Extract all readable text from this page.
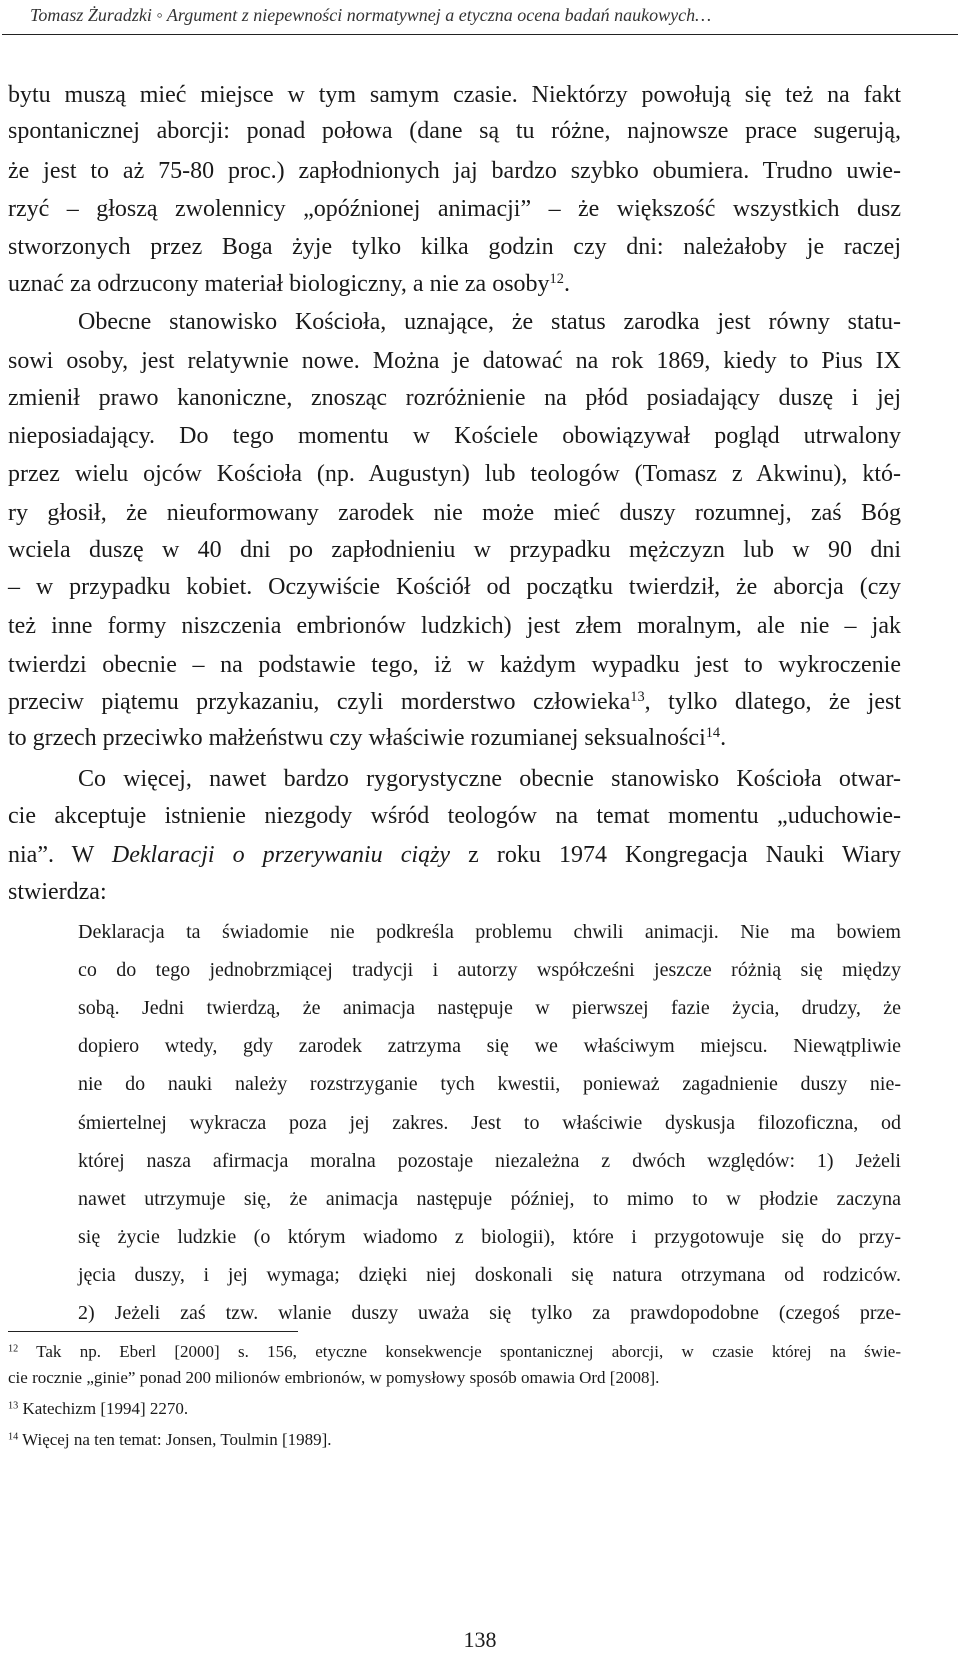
Tomasz Żuradzki ◦ Argument z niepewności normatywnej a etyczna ocena badań naukowych…
bytu muszą mieć miejsce w tym samym czasie. Niektórzy powołują się też na fakt
spontanicznej aborcji: ponad połowa (dane są tu różne, najnowsze prace sugerują,
że jest to aż 75-80 proc.) zapłodnionych jaj bardzo szybko obumiera. Trudno uwie-
rzyć – głoszą zwolennicy „opóźnionej animacji” – że większość wszystkich dusz
stworzonych przez Boga żyje tylko kilka godzin czy dni: należałoby je raczej
uznać za odrzucony materiał biologiczny, a nie za osoby$^{12}$.
Obecne stanowisko Kościoła, uznające, że status zarodka jest równy statu-
sowi osoby, jest relatywnie nowe. Można je datować na rok 1869, kiedy to Pius IX
zmienił prawo kanoniczne, znosząc rozróżnienie na płód posiadający duszę i jej
nieposiadający. Do tego momentu w Kościele obowiązywał pogląd utrwalony
przez wielu ojców Kościoła (np. Augustyn) lub teologów (Tomasz z Akwinu), któ-
ry głosił, że nieuformowany zarodek nie może mieć duszy rozumnej, zaś Bóg
wciela duszę w 40 dni po zapłodnieniu w przypadku mężczyzn lub w 90 dni
– w przypadku kobiet. Oczywiście Kościół od początku twierdził, że aborcja (czy
też inne formy niszczenia embrionów ludzkich) jest złem moralnym, ale nie – jak
twierdzi obecnie – na podstawie tego, iż w każdym wypadku jest to wykroczenie
przeciw piątemu przykazaniu, czyli morderstwo człowieka$^{13}$, tylko dlatego, że jest
to grzech przeciwko małżeństwu czy właściwie rozumianej seksualności$^{14}$.
Co więcej, nawet bardzo rygorystyczne obecnie stanowisko Kościoła otwar-
cie akceptuje istnienie niezgody wśród teologów na temat momentu „uduchowie-
nia”. W Deklaracji o przerywaniu ciąży z roku 1974 Kongregacja Nauki Wiary
stwierdza:
Deklaracja ta świadomie nie podkreśla problemu chwili animacji. Nie ma bowiem
co do tego jednobrzmiącej tradycji i autorzy współcześni jeszcze różnią się między
sobą. Jedni twierdzą, że animacja następuje w pierwszej fazie życia, drudzy, że
dopiero wtedy, gdy zarodek zatrzyma się we właściwym miejscu. Niewątpliwie
nie do nauki należy rozstrzyganie tych kwestii, ponieważ zagadnienie duszy nie-
śmiertelnej wykracza poza jej zakres. Jest to właściwie dyskusja filozoficzna, od
której nasza afirmacja moralna pozostaje niezależna z dwóch względów: 1) Jeżeli
nawet utrzymuje się, że animacja następuje później, to mimo to w płodzie zaczyna
się życie ludzkie (o którym wiadomo z biologii), które i przygotowuje się do przy-
jęcia duszy, i jej wymaga; dzięki niej doskonali się natura otrzymana od rodziców.
2) Jeżeli zaś tzw. wlanie duszy uważa się tylko za prawdopodobne (czegoś prze-
$^{12}$ Tak np. Eberl [2000] s. 156, etyczne konsekwencje spontanicznej aborcji, w czasie której na świe-
cie rocznie „ginie” ponad 200 milionów embrionów, w pomysłowy sposób omawia Ord [2008].
$^{13}$ Katechizm [1994] 2270.
$^{14}$ Więcej na ten temat: Jonsen, Toulmin [1989].
138
